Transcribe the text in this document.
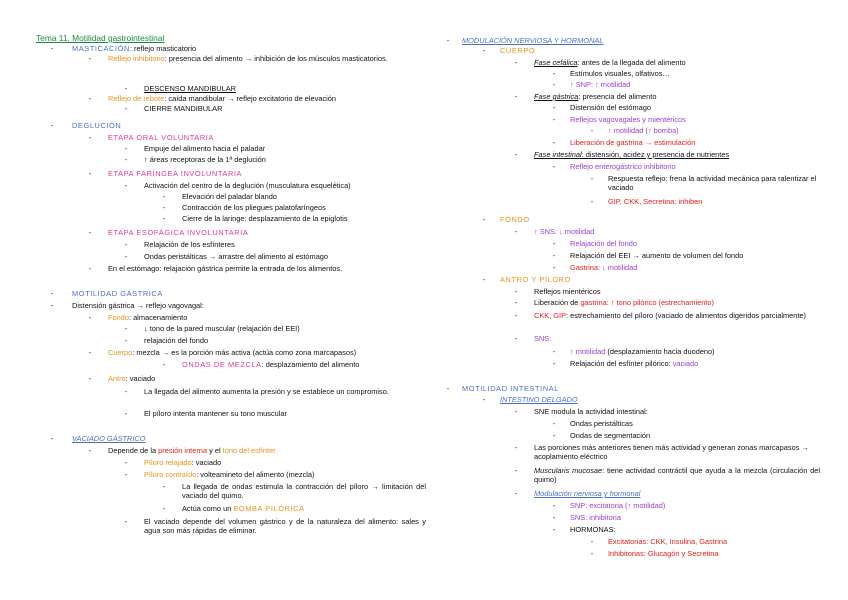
Tema 11. Motilidad gastrointestinal
-	MASTICACIÓN: reflejo masticatorio
-	Reflejo inhibitorio: presencia del alimento → inhibición de los músculos masticatorios.
-	DESCENSO MANDIBULAR
-	Reflejo de rebote: caída mandibular → reflejo excitatorio de elevación
-	CIERRE MANDIBULAR
-	DEGLUCIÓN
-	ETAPA ORAL VOLUNTARIA
-	Empuje del alimento hacia el paladar
-	↑ áreas receptoras de la 1ª deglución
-	ETAPA FARÍNGEA INVOLUNTARIA
-	Activación del centro de la deglución (musculatura esquelética)
-	Elevación del paladar blando
-	Contracción de los pliegues palatofaríngeos
-	Cierre de la laringe: desplazamiento de la epiglotis
-	ETAPA ESOFÁGICA INVOLUNTARIA
-	Relajación de los esfínteres
-	Ondas peristálticas → arrastre del alimento al estómago
-	En el estómago: relajación gástrica permite la entrada de los alimentos.
-	MOTILIDAD GÁSTRICA
-	Distensión gástrica → reflejo vagovagal:
-	Fondo: almacenamiento
-	↓ tono de la pared muscular (relajación del EEI)
-	relajación del fondo
-	Cuerpo: mezcla → es la porción más activa (actúa como zona marcapasos)
-	ONDAS DE MEZCLA: desplazamiento del alimento
-	Antro: vaciado
-	La llegada del alimento aumenta la presión y se establece un compromiso.
-	El píloro intenta mantener su tono muscular
-	VACIADO GÁSTRICO
-	Depende de la presión interna y el tono del esfínter
-	Píloro relajado: vaciado
-	Píloro contraído: volteamineto del alimento (mezcla)
-	La llegada de ondas estimula la contracción del píloro → limitación del vaciado del quimo.
-	Actúa como un BOMBA PILÓRICA
-	El vaciado depende del volumen gástrico y de la naturaleza del alimento: sales y agua son más rápidas de eliminar.
-	MODULACIÓN NERVIOSA Y HORMONAL
-	CUERPO
-	Fase cefálica: antes de la llegada del alimento
-	Estímulos visuales, olfativos…
-	↑ SNP: ↑ motilidad
-	Fase gástrica: presencia del alimento
-	Distensión del estómago
-	Reflejos vagovagales y mientéricos
-	↑ motilidad (↑ bomba)
-	Liberación de gastrina → estimulación
-	Fase intestinal: distensión, acidez y presencia de nutrientes
-	Reflejo enterogástrico inhibitorio
-	Respuesta reflejo: frena la actividad mecánica para ralentizar el vaciado
-	GIP, CKK, Secretina: inhiben
-	FONDO
-	↑ SNS: ↓ motilidad
-	Relajación del fondo
-	Relajación del EEI → aumento de volumen del fondo
-	Gastrina: ↓ motilidad
-	ANTRO Y PÍLORO
-	Reflejos mientéricos
-	Liberación de gastrina: ↑ tono pilórico (estrechamiento)
-	CKK, GIP: estrechamiento del píloro (vaciado de alimentos digeridos parcialmente)
-	SNS:
-	↑ motilidad (desplazamiento hacia duodeno)
-	Relajación del esfínter pilórico: vaciado
-	MOTILIDAD INTESTINAL
-	INTESTINO DELGADO
-	SNE modula la actividad intestinal:
-	Ondas peristálticas
-	Ondas de segmentación
-	Las porciones más anteriores tienen más actividad y generan zonas marcapasos → acoplamiento eléctrico
-	Muscularis mucosae: tiene actividad contráctil que ayuda a la mezcla (circulación del quimo)
-	Modulación nerviosa y hormonal
-	SNP: excitatoria (↑ motilidad)
-	SNS: inhibitoria
-	HORMONAS:
-	Excitatorias: CKK, Insulina, Gastrina
-	Inhibitorias: Glucagón y Secretina
